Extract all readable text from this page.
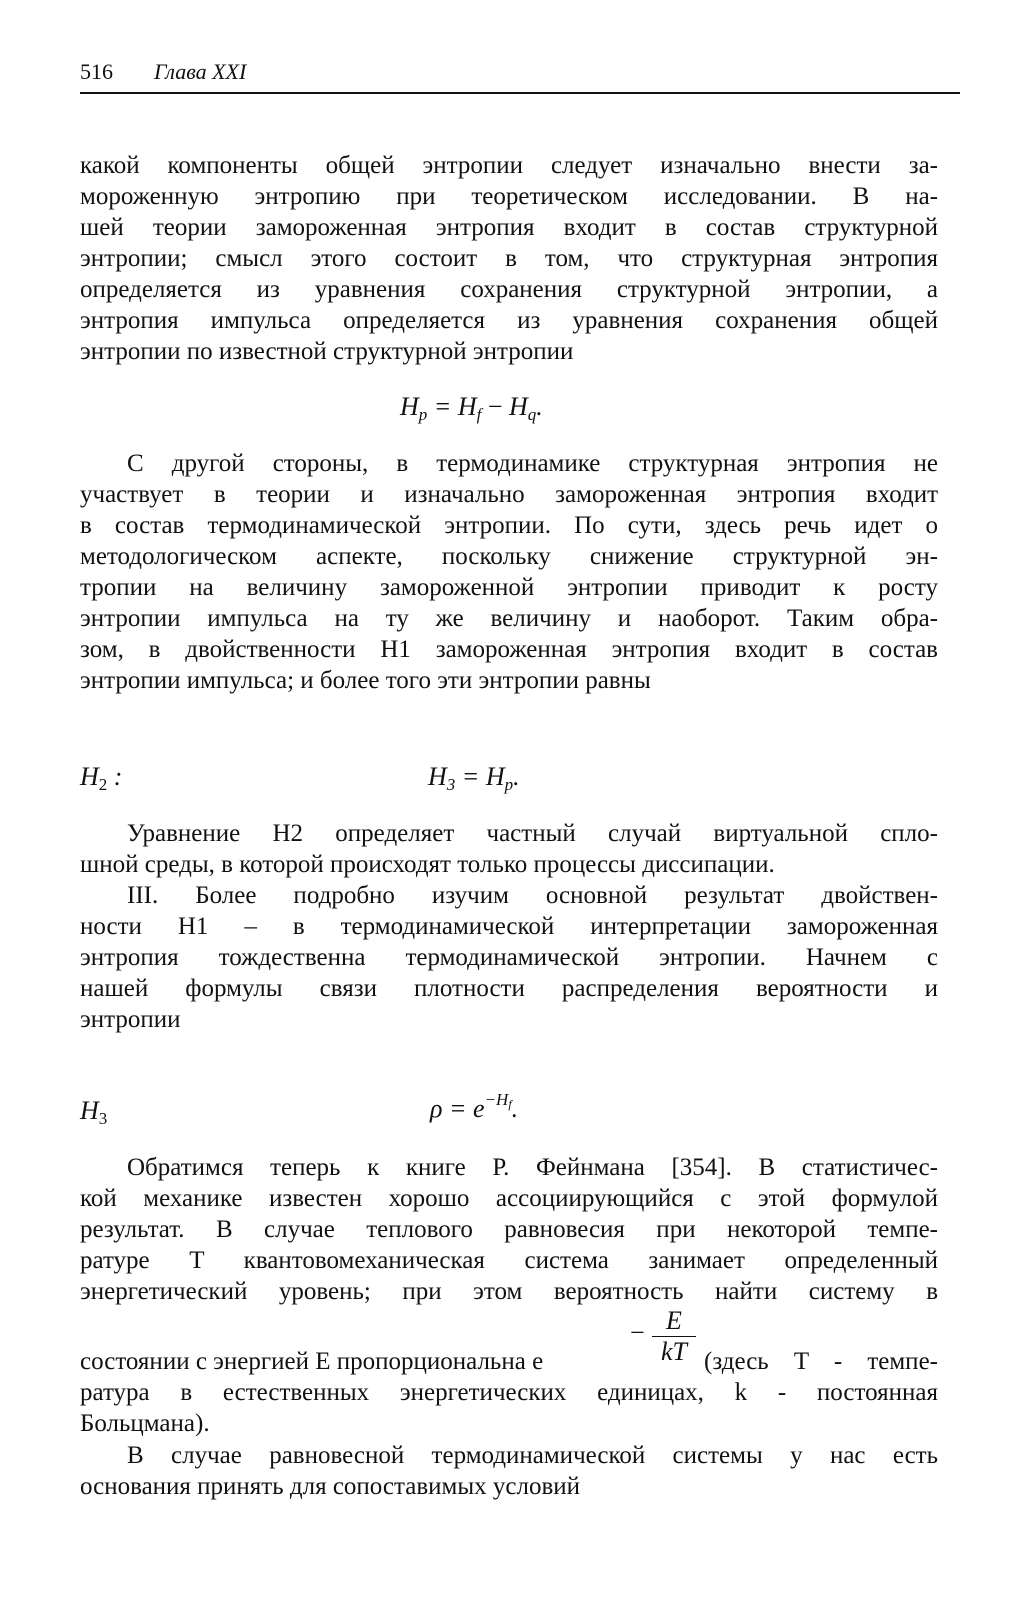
516 Глава XXI
какой компоненты общей энтропии следует изначально внести за-
мороженную энтропию при теоретическом исследовании. В на-
шей теории замороженная энтропия входит в состав структурной
энтропии; смысл этого состоит в том, что структурная энтропия
определяется из уравнения сохранения структурной энтропии, а
энтропия импульса определяется из уравнения сохранения общей
энтропии по известной структурной энтропии
$H_p = H_f - H_q$.
С другой стороны, в термодинамике структурная энтропия не
участвует в теории и изначально замороженная энтропия входит
в состав термодинамической энтропии. По сути, здесь речь идет о
методологическом аспекте, поскольку снижение структурной эн-
тропии на величину замороженной энтропии приводит к росту
энтропии импульса на ту же величину и наоборот. Таким обра-
зом, в двойственности H1 замороженная энтропия входит в состав
энтропии импульса; и более того эти энтропии равны
$H_2$ :	$H_3 = H_p$.
Уравнение H2 определяет частный случай виртуальной спло-
шной среды, в которой происходят только процессы диссипации.
III. Более подробно изучим основной результат двойствен-
ности H1 – в термодинамической интерпретации замороженная
энтропия тождественна термодинамической энтропии. Начнем с
нашей формулы связи плотности распределения вероятности и
энтропии
$H_3$	$\rho = e^{-H_f}$.
Обратимся теперь к книге Р. Фейнмана [354]. В статистичес-
кой механике известен хорошо ассоциирующийся с этой формулой
результат. В случае теплового равновесия при некоторой темпе-
ратуре T квантовомеханическая система занимает определенный
энергетический уровень; при этом вероятность найти систему в
состоянии с энергией E пропорциональна e	$\frac{E}{kT}$
−
(здесь T - темпе-
ратура в естественных энергетических единицах, k - постоянная
Больцмана).
В случае равновесной термодинамической системы у нас есть
основания принять для сопоставимых условий
